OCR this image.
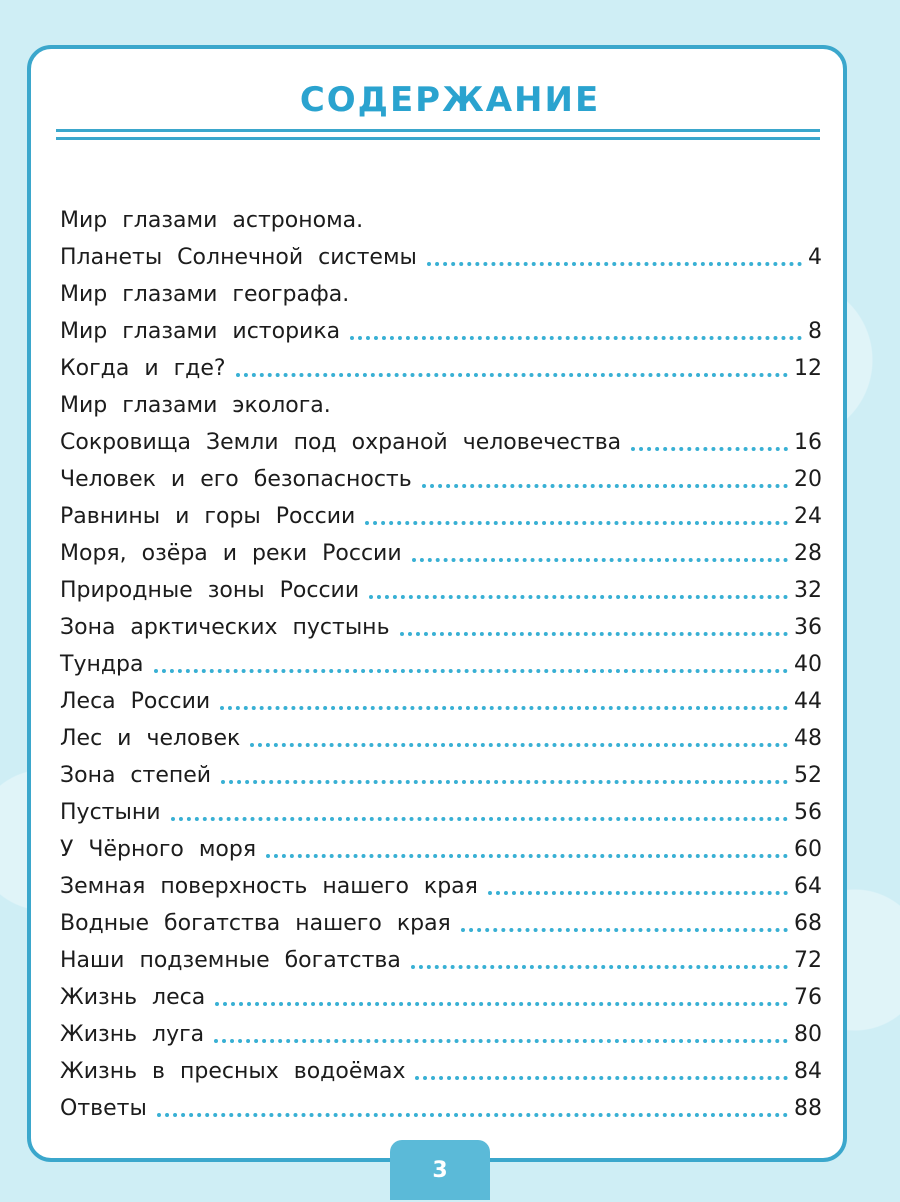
СОДЕРЖАНИЕ
Мир глазами астронома.
Планеты Солнечной системы	4
Мир глазами географа.
Мир глазами историка	8
Когда и где?	12
Мир глазами эколога.
Сокровища Земли под охраной человечества	16
Человек и его безопасность	20
Равнины и горы России	24
Моря, озёра и реки России	28
Природные зоны России	32
Зона арктических пустынь	36
Тундра	40
Леса России	44
Лес и человек	48
Зона степей	52
Пустыни	56
У Чёрного моря	60
Земная поверхность нашего края	64
Водные богатства нашего края	68
Наши подземные богатства	72
Жизнь леса	76
Жизнь луга	80
Жизнь в пресных водоёмах	84
Ответы	88
3
